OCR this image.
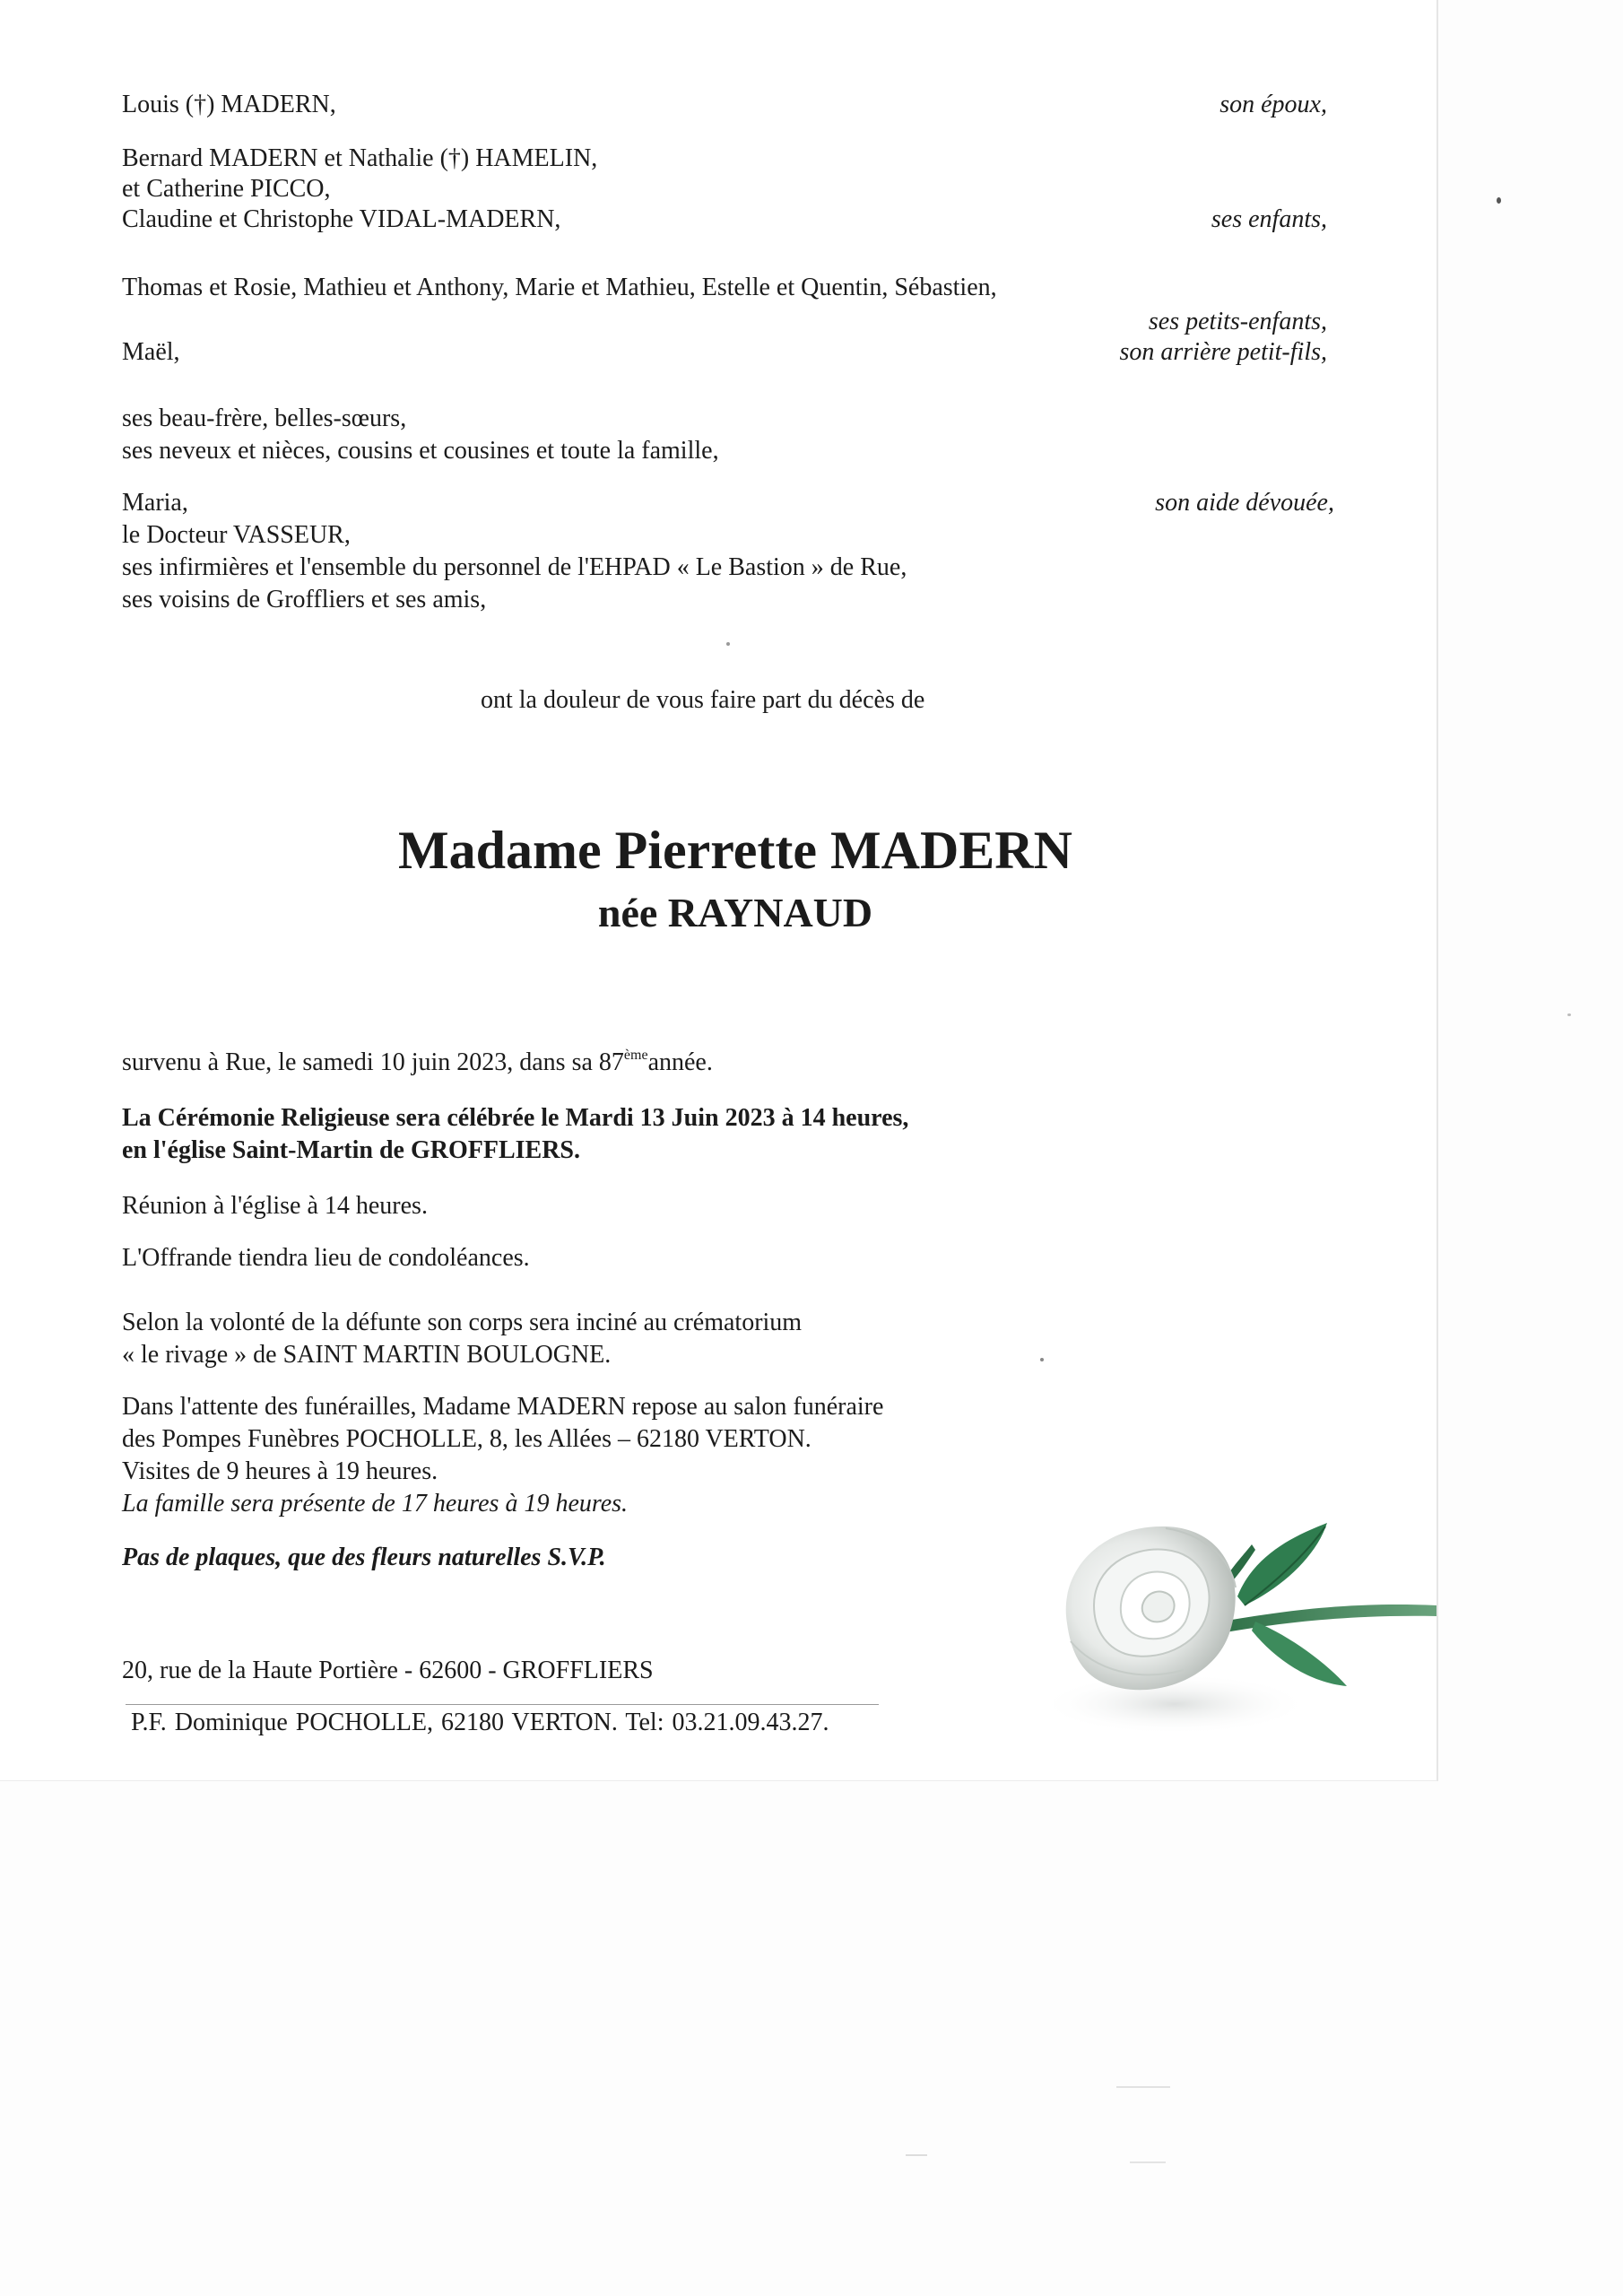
Louis (†) MADERN,	son époux,
Bernard MADERN et Nathalie (†) HAMELIN,
et Catherine PICCO,
Claudine et Christophe VIDAL-MADERN,	ses enfants,
Thomas et Rosie, Mathieu et Anthony, Marie et Mathieu, Estelle et Quentin, Sébastien,
ses petits-enfants,
Maël,	son arrière petit-fils,
ses beau-frère, belles-sœurs,
ses neveux et nièces, cousins et cousines et toute la famille,
Maria,	son aide dévouée,
le Docteur VASSEUR,
ses infirmières et l'ensemble du personnel de l'EHPAD « Le Bastion » de Rue,
ses voisins de Groffliers et ses amis,
ont la douleur de vous faire part du décès de
Madame Pierrette MADERN
née RAYNAUD
survenu à Rue, le samedi 10 juin 2023, dans sa 87èmeannée.
La Cérémonie Religieuse sera célébrée le Mardi 13 Juin 2023 à 14 heures,
en l'église Saint-Martin de GROFFLIERS.
Réunion à l'église à 14 heures.
L'Offrande tiendra lieu de condoléances.
Selon la volonté de la défunte son corps sera inciné au crématorium
« le rivage » de SAINT MARTIN BOULOGNE.
Dans l'attente des funérailles, Madame MADERN repose au salon funéraire
des Pompes Funèbres POCHOLLE, 8, les Allées – 62180 VERTON.
Visites de 9 heures à 19 heures.
La famille sera présente de 17 heures à 19 heures.
Pas de plaques, que des fleurs naturelles S.V.P.
20, rue de la Haute Portière - 62600 - GROFFLIERS
P.F. Dominique POCHOLLE, 62180 VERTON. Tel: 03.21.09.43.27.
